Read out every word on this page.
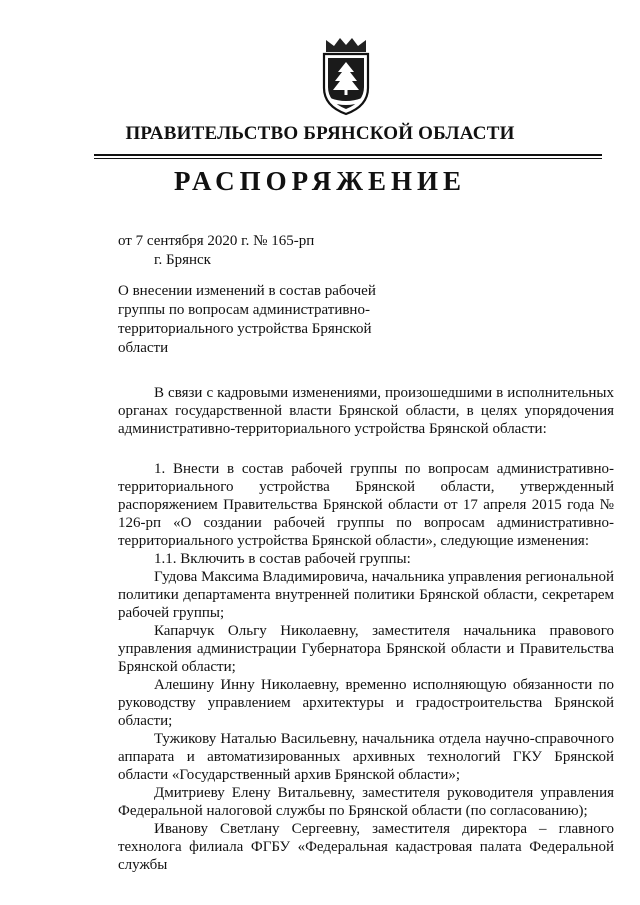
ПРАВИТЕЛЬСТВО БРЯНСКОЙ ОБЛАСТИ
РАСПОРЯЖЕНИЕ
от 7 сентября 2020 г. № 165-рп
г. Брянск
О внесении изменений в состав рабочей группы по вопросам административно-территориального устройства Брянской области

В связи с кадровыми изменениями, произошедшими в исполнительных органах государственной власти Брянской области, в целях упорядочения административно-территориального устройства Брянской области:

1. Внести в состав рабочей группы по вопросам административно-территориального устройства Брянской области, утвержденный распоряжением Правительства Брянской области от 17 апреля 2015 года № 126-рп «О создании рабочей группы по вопросам административно-территориального устройства Брянской области», следующие изменения:

1.1. Включить в состав рабочей группы:

Гудова Максима Владимировича, начальника управления региональной политики департамента внутренней политики Брянской области, секретарем рабочей группы;

Капарчук Ольгу Николаевну, заместителя начальника правового управления администрации Губернатора Брянской области и Правительства Брянской области;

Алешину Инну Николаевну, временно исполняющую обязанности по руководству управлением архитектуры и градостроительства Брянской области;

Тужикову Наталью Васильевну, начальника отдела научно-справочного аппарата и автоматизированных архивных технологий ГКУ Брянской области «Государственный архив Брянской области»;

Дмитриеву Елену Витальевну, заместителя руководителя управления Федеральной налоговой службы по Брянской области (по согласованию);

Иванову Светлану Сергеевну, заместителя директора – главного технолога филиала ФГБУ «Федеральная кадастровая палата Федеральной службы
